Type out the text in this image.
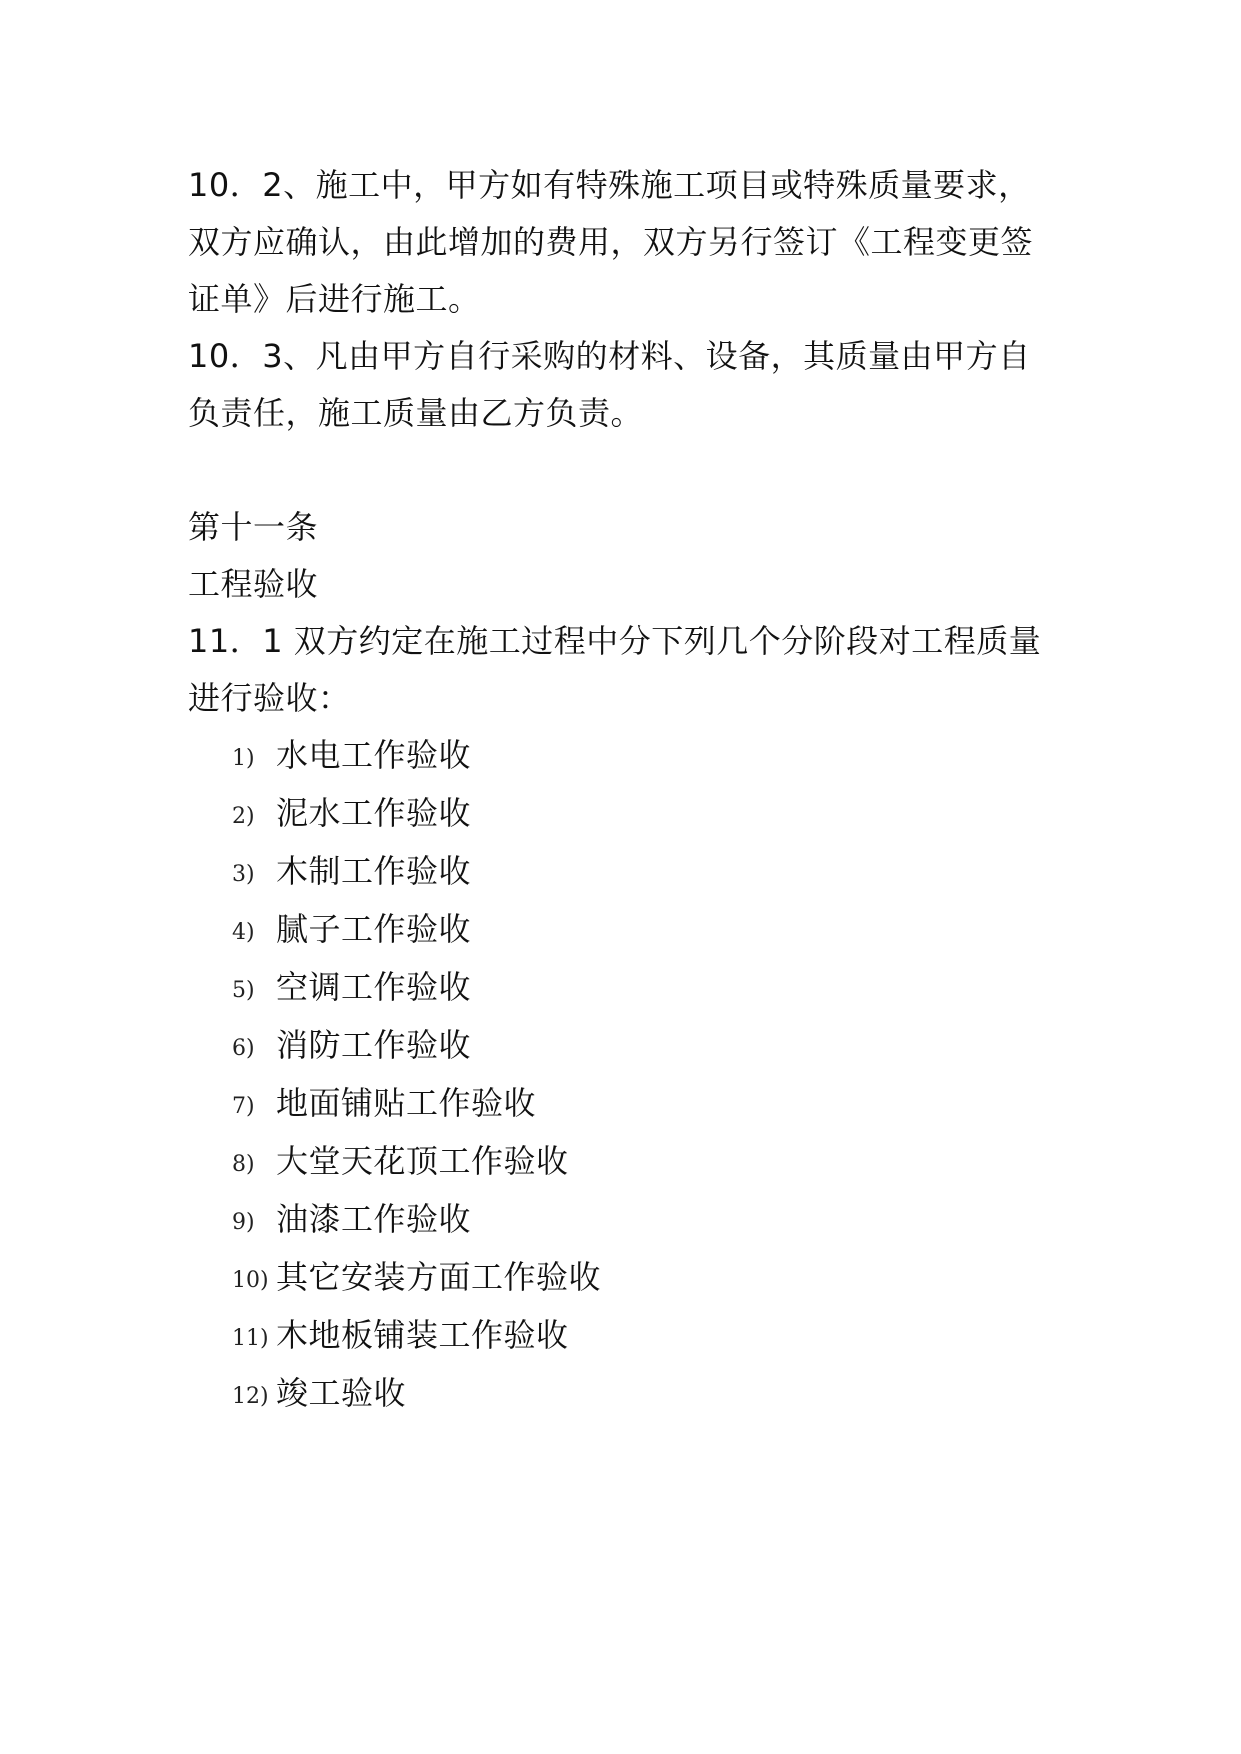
10．2、施工中，甲方如有特殊施工项目或特殊质量要求，
双方应确认，由此增加的费用，双方另行签订《工程变更签
证单》后进行施工。
10．3、凡由甲方自行采购的材料、设备，其质量由甲方自
负责任，施工质量由乙方负责。
第十一条
工程验收
11．1 双方约定在施工过程中分下列几个分阶段对工程质量
进行验收：
1) 水电工作验收
2) 泥水工作验收
3) 木制工作验收
4) 腻子工作验收
5) 空调工作验收
6) 消防工作验收
7) 地面铺贴工作验收
8) 大堂天花顶工作验收
9) 油漆工作验收
10) 其它安装方面工作验收
11) 木地板铺装工作验收
12) 竣工验收
